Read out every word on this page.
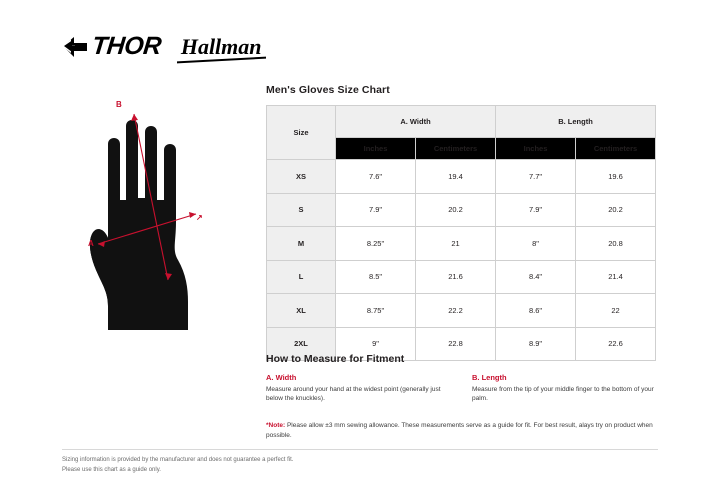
THOR Hallman
B
A
↗
Men's Gloves Size Chart
Size	A. Width		B. Length	
	Inches	Centimeters	Inches	Centimeters
XS	7.6"	19.4	7.7"	19.6
S	7.9"	20.2	7.9"	20.2
M	8.25"	21	8"	20.8
L	8.5"	21.6	8.4"	21.4
XL	8.75"	22.2	8.6"	22
2XL	9"	22.8	8.9"	22.6
How to Measure for Fitment
A. Width
Measure around your hand at the widest point (generally just below the knuckles).
B. Length
Measure from the tip of your middle finger to the bottom of your palm.
*Note: Please allow ±3 mm sewing allowance. These measurements serve as a guide for fit. For best result, alays try on product when possible.
Sizing information is provided by the manufacturer and does not guarantee a perfect fit.
Please use this chart as a guide only.
